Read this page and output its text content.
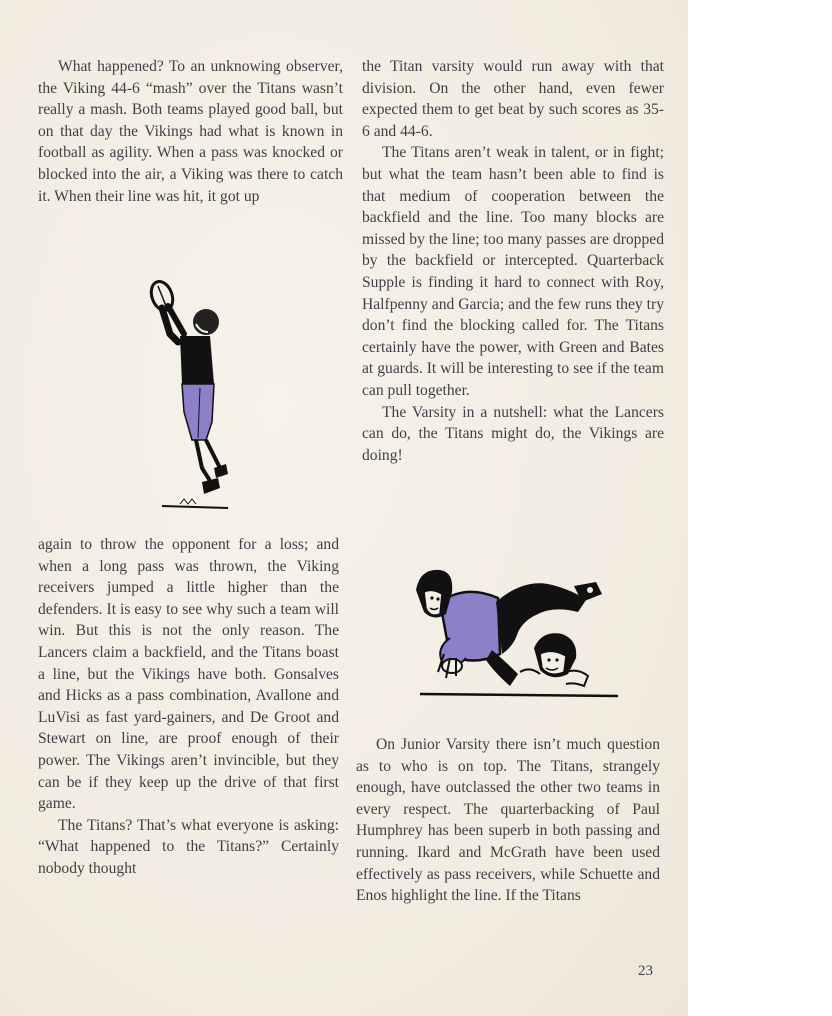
What happened? To an unknowing observer, the Viking 44-6 “mash” over the Titans wasn’t really a mash. Both teams played good ball, but on that day the Vikings had what is known in football as agility. When a pass was knocked or blocked into the air, a Viking was there to catch it. When their line was hit, it got up

again to throw the opponent for a loss; and when a long pass was thrown, the Viking receivers jumped a little higher than the defenders. It is easy to see why such a team will win. But this is not the only reason. The Lancers claim a backfield, and the Titans boast a line, but the Vikings have both. Gonsalves and Hicks as a pass combination, Avallone and LuVisi as fast yard-gainers, and De Groot and Stewart on line, are proof enough of their power. The Vikings aren’t invincible, but they can be if they keep up the drive of that first game.

The Titans? That’s what everyone is asking: “What happened to the Titans?” Certainly nobody thought

the Titan varsity would run away with that division. On the other hand, even fewer expected them to get beat by such scores as 35-6 and 44-6.

The Titans aren’t weak in talent, or in fight; but what the team hasn’t been able to find is that medium of cooperation between the backfield and the line. Too many blocks are missed by the line; too many passes are dropped by the backfield or intercepted. Quarterback Supple is finding it hard to connect with Roy, Halfpenny and Garcia; and the few runs they try don’t find the blocking called for. The Titans certainly have the power, with Green and Bates at guards. It will be interesting to see if the team can pull together.

The Varsity in a nutshell: what the Lancers can do, the Titans might do, the Vikings are doing!

On Junior Varsity there isn’t much question as to who is on top. The Titans, strangely enough, have outclassed the other two teams in every respect. The quarterbacking of Paul Humphrey has been superb in both passing and running. Ikard and McGrath have been used effectively as pass receivers, while Schuette and Enos highlight the line. If the Titans

23
